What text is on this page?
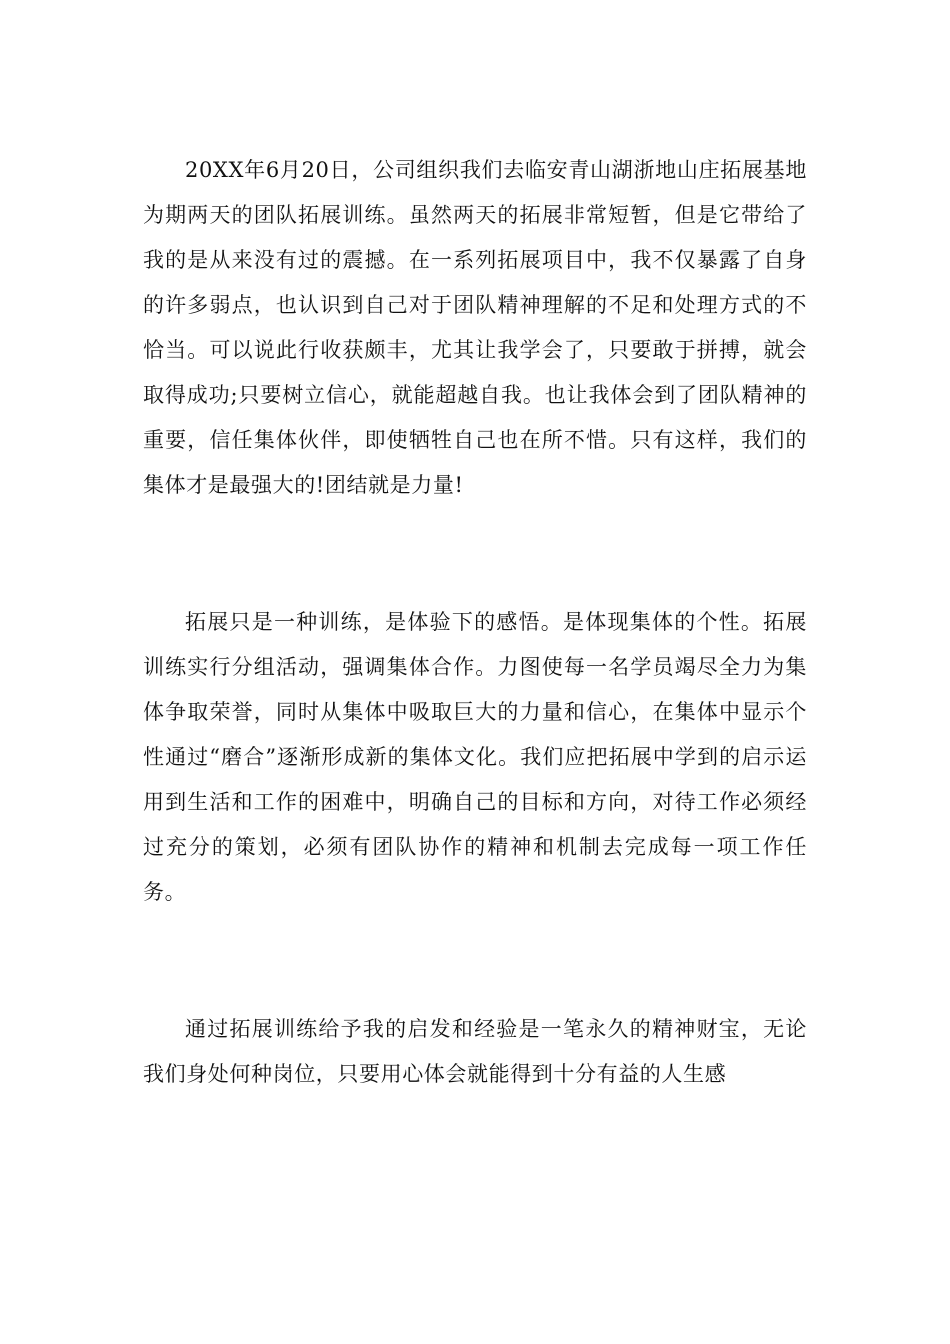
20XX年6月20日，公司组织我们去临安青山湖浙地山庄拓展基地为期两天的团队拓展训练。虽然两天的拓展非常短暂，但是它带给了我的是从来没有过的震撼。在一系列拓展项目中，我不仅暴露了自身的许多弱点，也认识到自己对于团队精神理解的不足和处理方式的不恰当。可以说此行收获颇丰，尤其让我学会了，只要敢于拼搏，就会取得成功;只要树立信心，就能超越自我。也让我体会到了团队精神的重要，信任集体伙伴，即使牺牲自己也在所不惜。只有这样，我们的集体才是最强大的!团结就是力量!

拓展只是一种训练，是体验下的感悟。是体现集体的个性。拓展训练实行分组活动，强调集体合作。力图使每一名学员竭尽全力为集体争取荣誉，同时从集体中吸取巨大的力量和信心，在集体中显示个性通过“磨合”逐渐形成新的集体文化。我们应把拓展中学到的启示运用到生活和工作的困难中，明确自己的目标和方向，对待工作必须经过充分的策划，必须有团队协作的精神和机制去完成每一项工作任务。

通过拓展训练给予我的启发和经验是一笔永久的精神财宝，无论我们身处何种岗位，只要用心体会就能得到十分有益的人生感
